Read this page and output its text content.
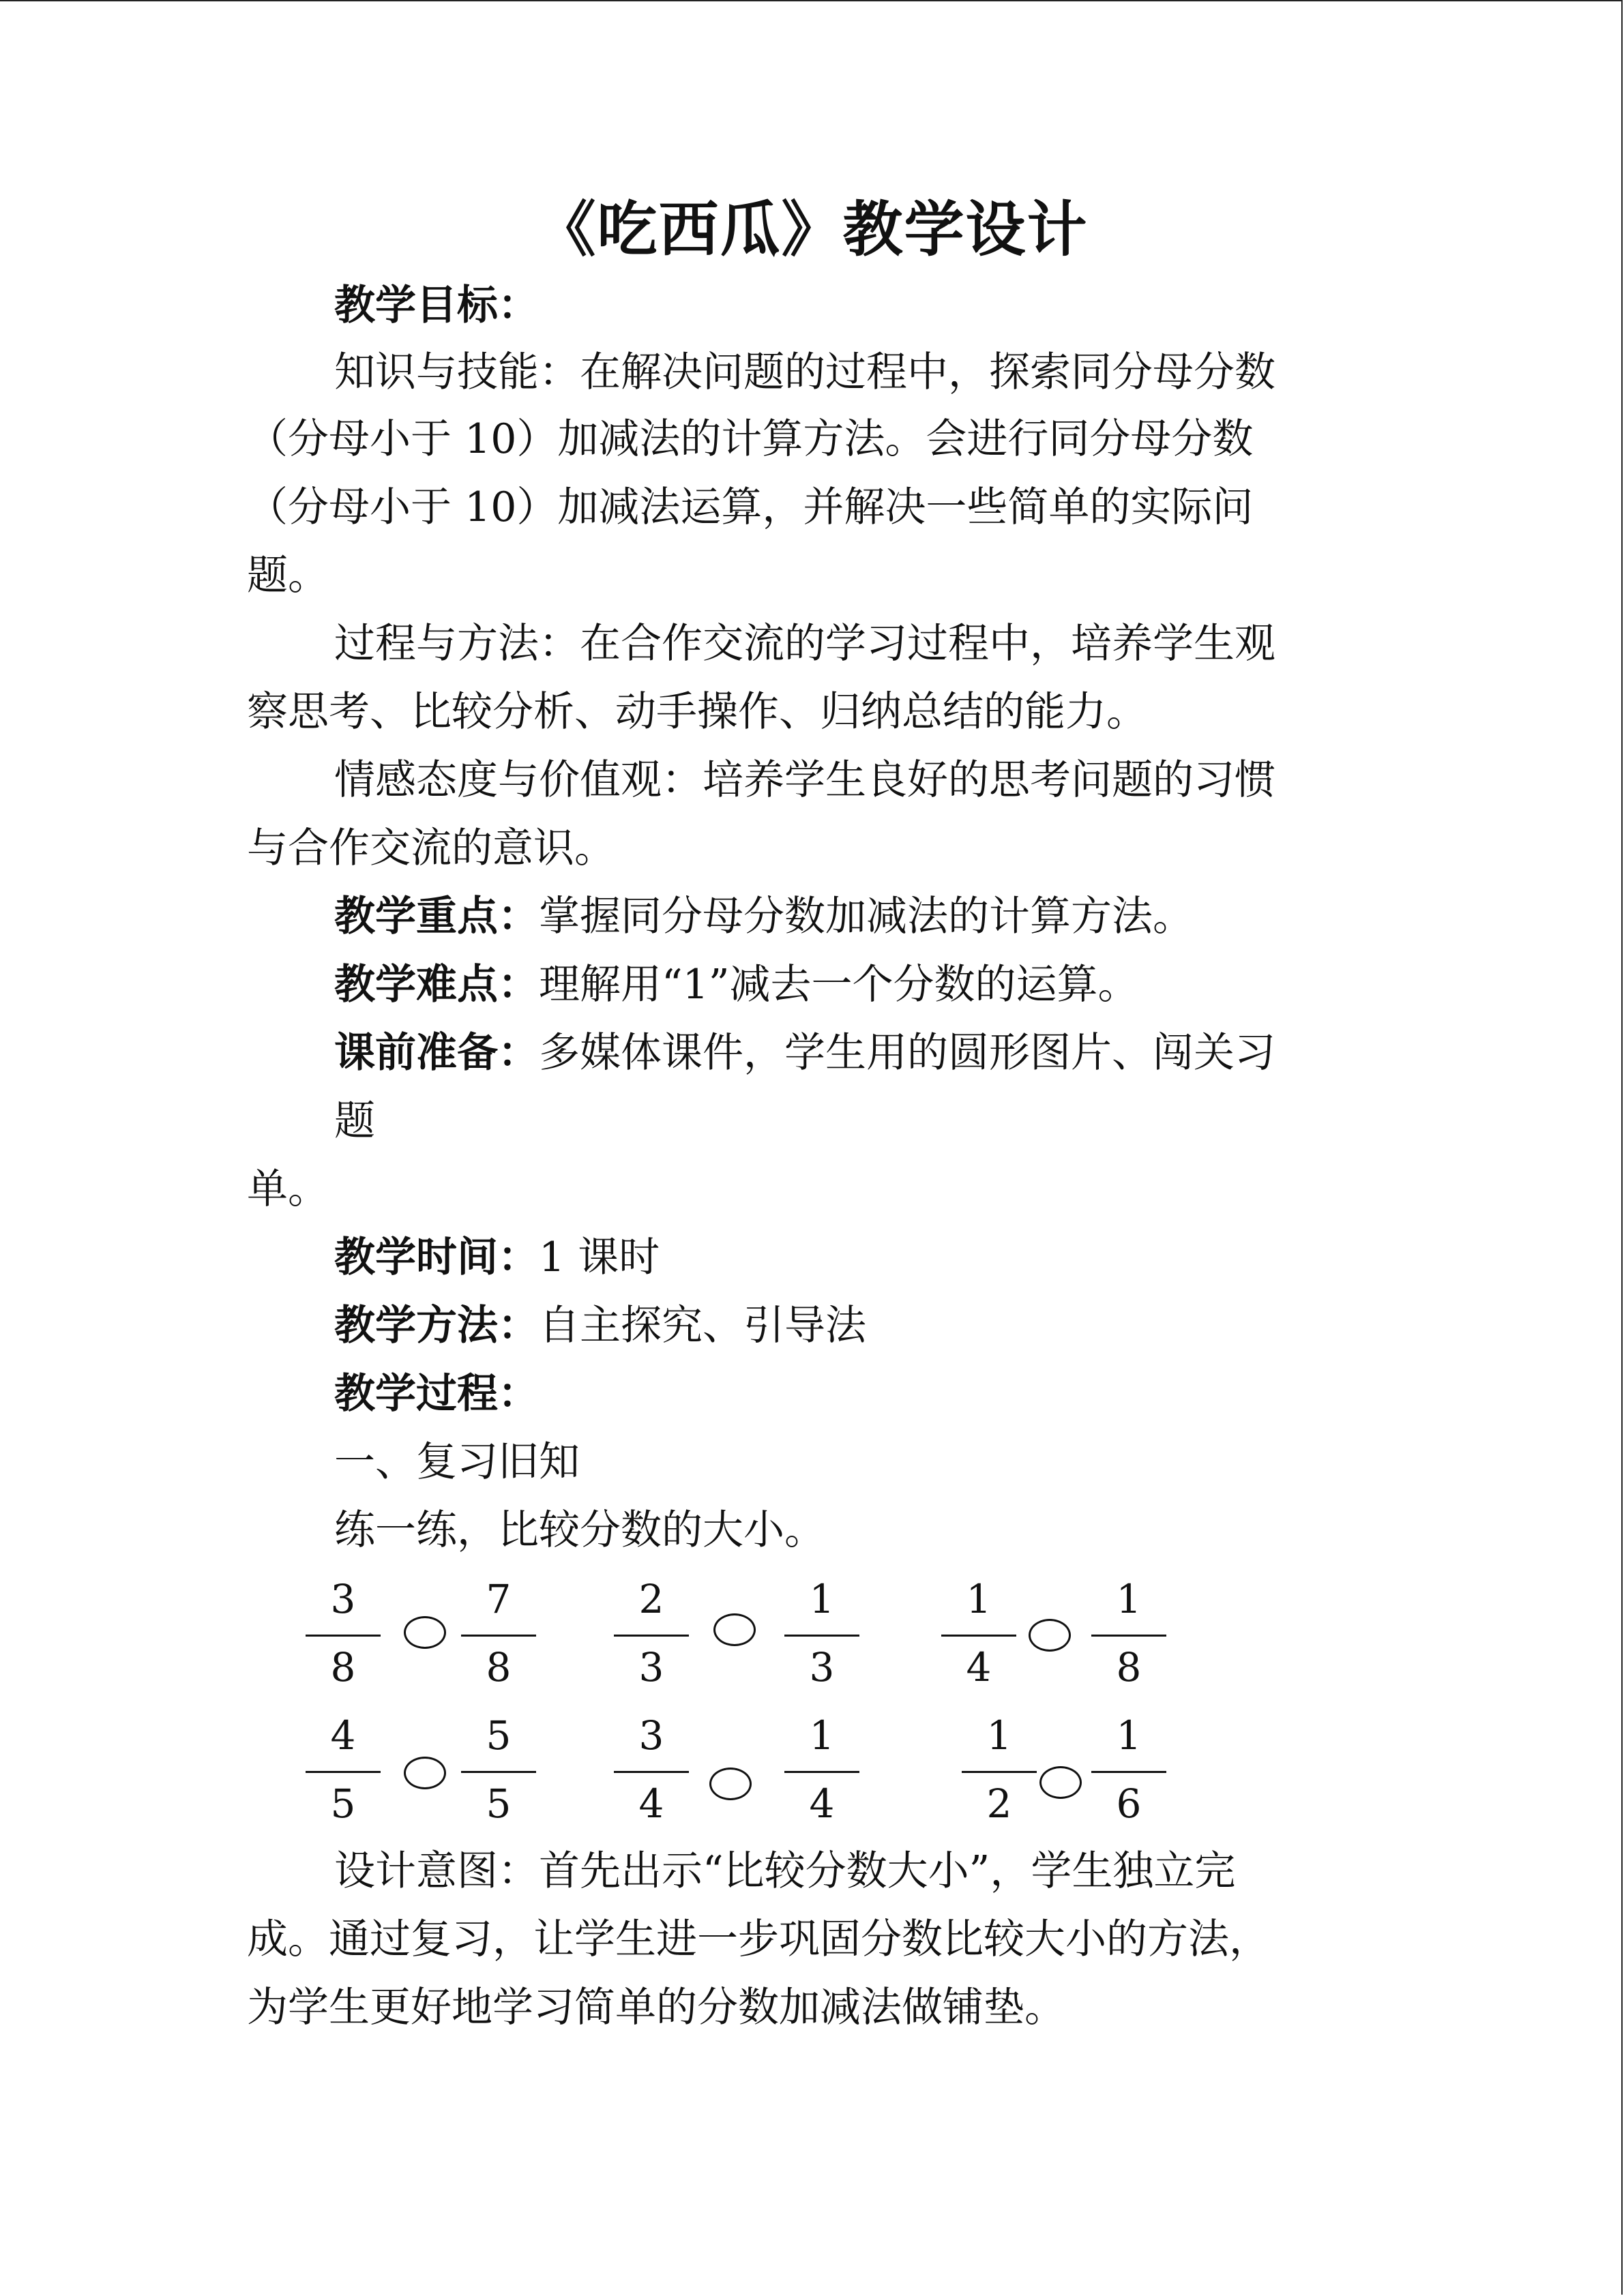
《吃西瓜》教学设计
教学目标：
知识与技能：在解决问题的过程中，探索同分母分数
（分母小于 10）加减法的计算方法。会进行同分母分数
（分母小于 10）加减法运算，并解决一些简单的实际问
题。
过程与方法：在合作交流的学习过程中，培养学生观
察思考、比较分析、动手操作、归纳总结的能力。
情感态度与价值观：培养学生良好的思考问题的习惯
与合作交流的意识。
教学重点：掌握同分母分数加减法的计算方法。
教学难点：理解用“1”减去一个分数的运算。
课前准备：多媒体课件，学生用的圆形图片、闯关习
题
单。
教学时间：1 课时
教学方法：自主探究、引导法
教学过程：
一、复习旧知
练一练，比较分数的大小。
3
8
7
8
2
3
1
3
1
4
1
8
4
5
5
5
3
4
1
4
1
2
1
6
设计意图：首先出示“比较分数大小”，学生独立完
成。通过复习，让学生进一步巩固分数比较大小的方法，
为学生更好地学习简单的分数加减法做铺垫。
